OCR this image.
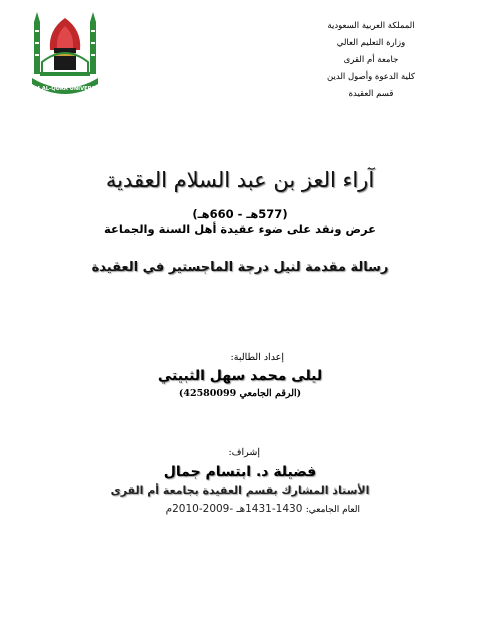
المملكة العربية السعودية
وزارة التعليم العالي
جامعة أم القرى
كلية الدعوة وأصول الدين
قسم العقيدة
UMM AL-QURA UNIVERSITY
آراء العز بن عبد السلام العقدية
(577هـ - 660هـ)
عرض ونقد على ضوء عقيدة أهل السنة والجماعة
رسالة مقدمة لنيل درجة الماجستير في العقيدة
إعداد الطالبة:
ليلى محمد سهل الثبيتي
(الرقم الجامعي 42580099)
إشراف:
فضيلة د. ابتسام جمال
الأستاذ المشارك بقسم العقيدة بجامعة أم القرى
العام الجامعي: 1430-1431هـ -2009-2010م
